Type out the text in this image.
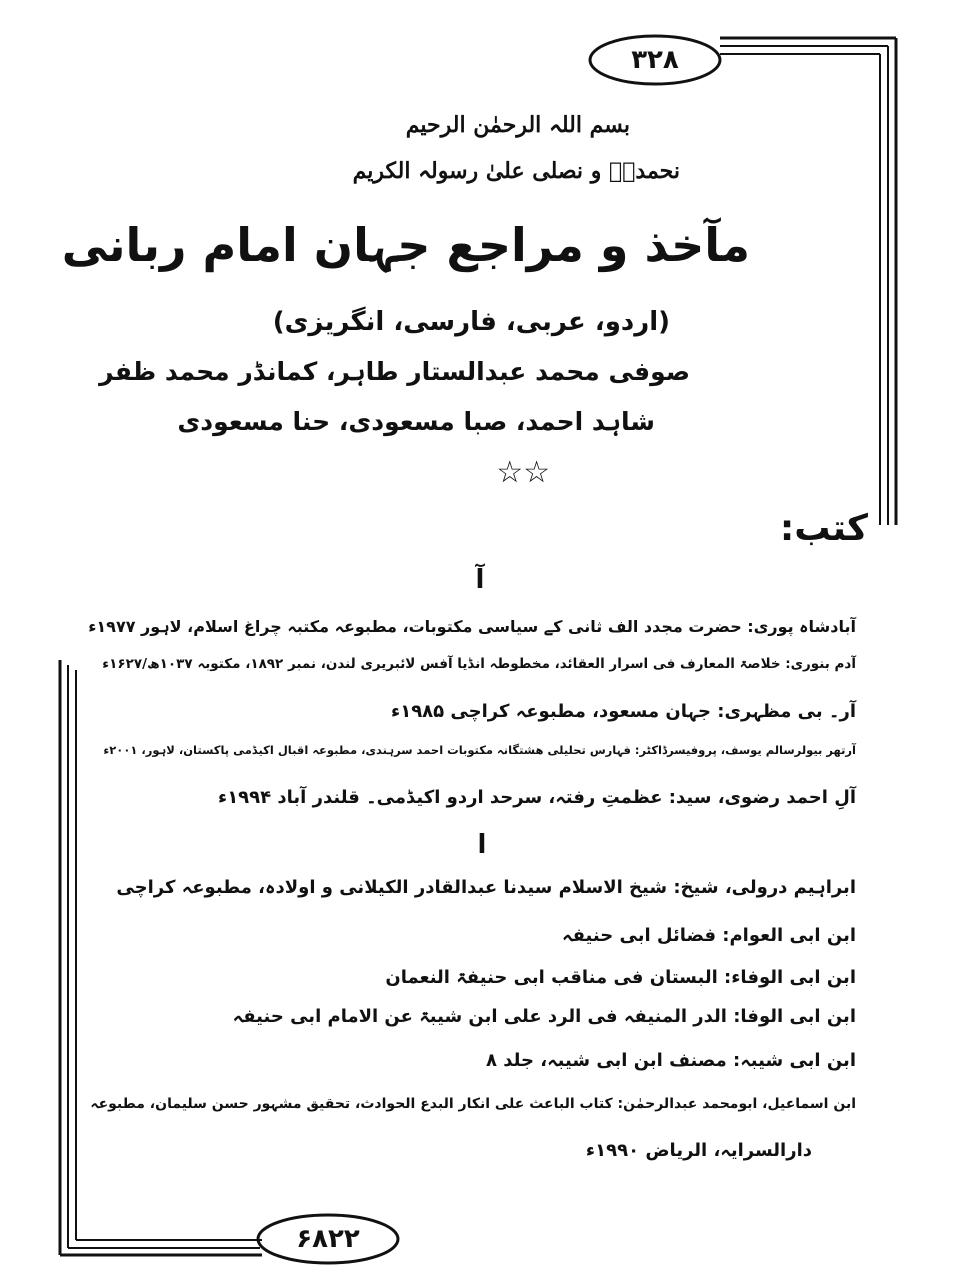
۳۲۸
۶۸۲۲
بسم اللہ الرحمٰن الرحیم
نحمدہٗ و نصلی علیٰ رسولہ الکریم
مآخذ و مراجع جہان امام ربانی
(اردو، عربی، فارسی، انگریزی)
صوفی محمد عبدالستار طاہر، کمانڈر محمد ظفر
شاہد احمد، صبا مسعودی، حنا مسعودی
☆☆
کتب:
آ
آبادشاہ پوری: حضرت مجدد الف ثانی کے سیاسی مکتوبات، مطبوعہ مکتبہ چراغ اسلام، لاہور ۱۹۷۷ء
آدم بنوری: خلاصۃ المعارف فی اسرار العقائد، مخطوطہ انڈیا آفس لائبریری لندن، نمبر ۱۸۹۲، مکتوبہ ۱۰۳۷ھ/۱۶۲۷ء
آر۔ بی مظہری: جہان مسعود، مطبوعہ کراچی ۱۹۸۵ء
آرتھر بیولرسالم یوسف، پروفیسرڈاکٹر: فہارس تحلیلی ھشتگانہ مکتوبات احمد سرہندی، مطبوعہ اقبال اکیڈمی پاکستان، لاہور، ۲۰۰۱ء
آلِ احمد رضوی، سید: عظمتِ رفتہ، سرحد اردو اکیڈمی۔ قلندر آباد ۱۹۹۴ء
ا
ابراہیم درولی، شیخ: شیخ الاسلام سیدنا عبدالقادر الکیلانی و اولادہ، مطبوعہ کراچی
ابن ابی العوام: فضائل ابی حنیفہ
ابن ابی الوفاء: البستان فی مناقب ابی حنیفۃ النعمان
ابن ابی الوفا: الدر المنیفہ فی الرد علی ابن شیبۃ عن الامام ابی حنیفہ
ابن ابی شیبہ: مصنف ابن ابی شیبہ، جلد ۸
ابن اسماعیل، ابومحمد عبدالرحمٰن: کتاب الباعث علی انکار البدع الحوادث، تحقیق مشہور حسن سلیمان، مطبوعہ
دارالسرایہ، الریاض ۱۹۹۰ء
